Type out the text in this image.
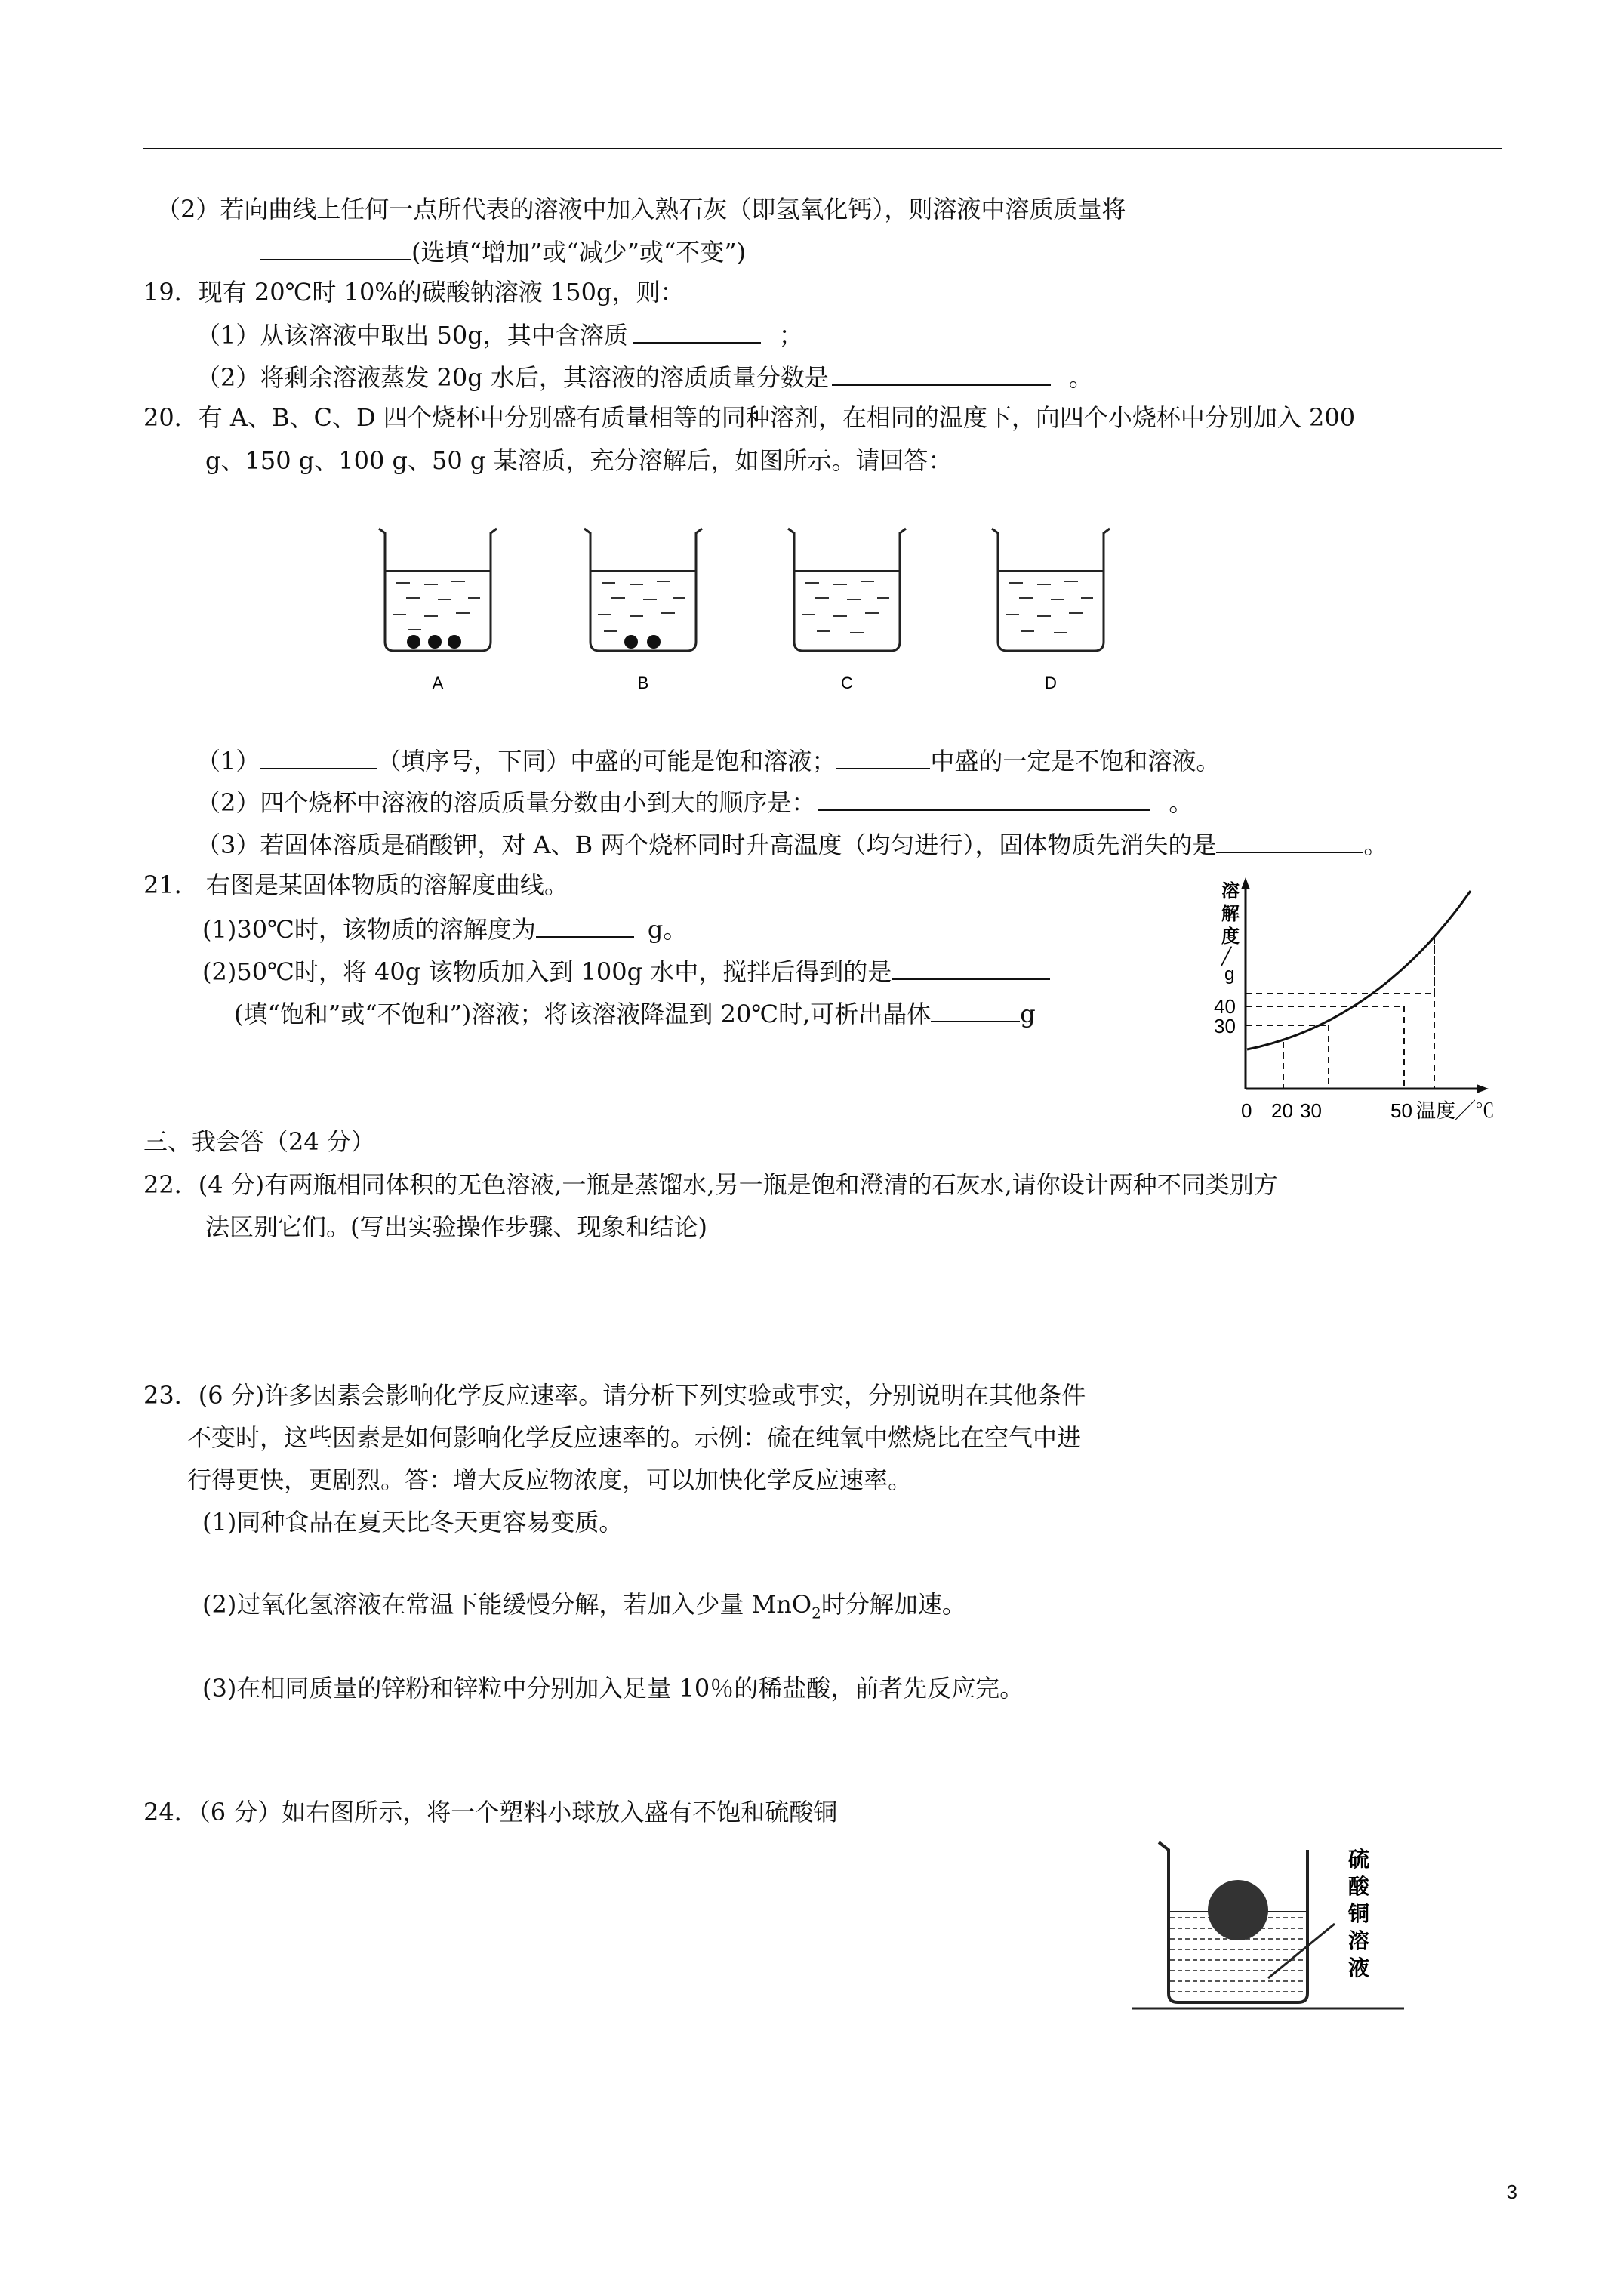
（2）若向曲线上任何一点所代表的溶液中加入熟石灰（即氢氧化钙），则溶液中溶质质量将
(选填“增加”或“减少”或“不变”)
19．现有 20℃时 10%的碳酸钠溶液 150g，则：
（1）从该溶液中取出 50g，其中含溶质	；
（2）将剩余溶液蒸发 20g 水后，其溶液的溶质质量分数是	。
20．有 A、B、C、D 四个烧杯中分别盛有质量相等的同种溶剂，在相同的温度下，向四个小烧杯中分别加入 200
g、150 g、100 g、50 g 某溶质，充分溶解后，如图所示。请回答：
A	B	C	D
（1）	（填序号，下同）中盛的可能是饱和溶液；	中盛的一定是不饱和溶液。
（2）四个烧杯中溶液的溶质质量分数由小到大的顺序是：	。
（3）若固体溶质是硝酸钾，对 A、B 两个烧杯同时升高温度（均匀进行），固体物质先消失的是	。
21． 右图是某固体物质的溶解度曲线。
(1)30℃时，该物质的溶解度为	g。
(2)50℃时，将 40g 该物质加入到 100g 水中，搅拌后得到的是
(填“饱和”或“不饱和”)溶液；将该溶液降温到 20℃时,可析出晶体	g
溶
解
度
╱
g
40
30
0 20 30	50 温度╱℃
三、我会答（24 分）
22．(4 分)有两瓶相同体积的无色溶液,一瓶是蒸馏水,另一瓶是饱和澄清的石灰水,请你设计两种不同类别方
法区别它们。(写出实验操作步骤、现象和结论)
23．(6 分)许多因素会影响化学反应速率。请分析下列实验或事实，分别说明在其他条件
不变时，这些因素是如何影响化学反应速率的。示例：硫在纯氧中燃烧比在空气中进
行得更快，更剧烈。答：增大反应物浓度，可以加快化学反应速率。
(1)同种食品在夏天比冬天更容易变质。
(2)过氧化氢溶液在常温下能缓慢分解，若加入少量 MnO$_2$时分解加速。
(3)在相同质量的锌粉和锌粒中分别加入足量 10％的稀盐酸，前者先反应完。
24．（6 分）如右图所示，将一个塑料小球放入盛有不饱和硫酸铜
硫
酸
铜
溶
液
3
